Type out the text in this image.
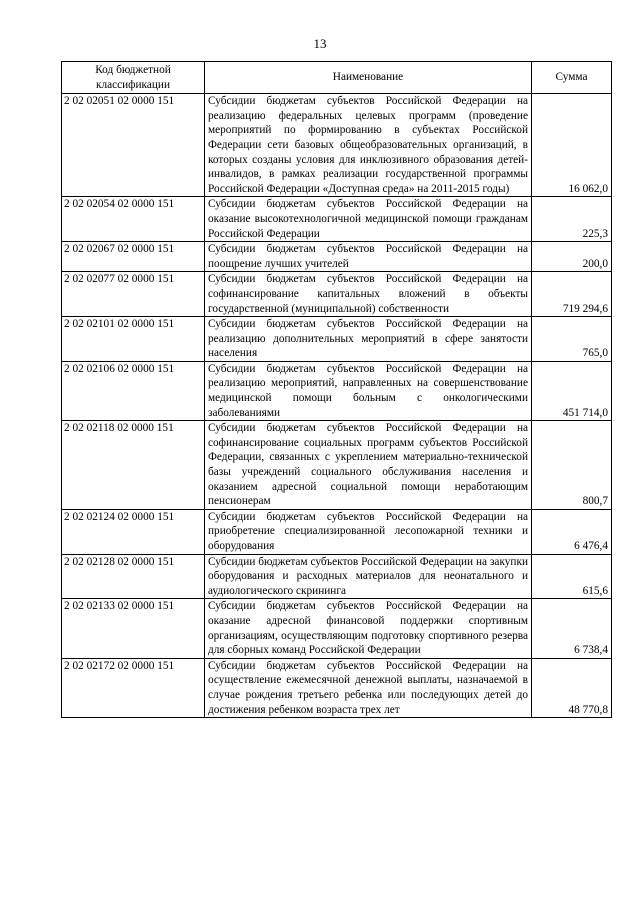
13
Код бюджетной классификации	Наименование	Сумма
2 02 02051 02 0000 151	Субсидии бюджетам субъектов Российской Федерации на реализацию федеральных целевых программ (проведение мероприятий по формированию в субъектах Российской Федерации сети базовых общеобразовательных организаций, в которых созданы условия для инклюзивного образования детей-инвалидов, в рамках реализации государственной программы Российской Федерации «Доступная среда» на 2011-2015 годы)	16 062,0
2 02 02054 02 0000 151	Субсидии бюджетам субъектов Российской Федерации на оказание высокотехнологичной медицинской помощи гражданам Российской Федерации	225,3
2 02 02067 02 0000 151	Субсидии бюджетам субъектов Российской Федерации на поощрение лучших учителей	200,0
2 02 02077 02 0000 151	Субсидии бюджетам субъектов Российской Федерации на софинансирование капитальных вложений в объекты государственной (муниципальной) собственности	719 294,6
2 02 02101 02 0000 151	Субсидии бюджетам субъектов Российской Федерации на реализацию дополнительных мероприятий в сфере занятости населения	765,0
2 02 02106 02 0000 151	Субсидии бюджетам субъектов Российской Федерации на реализацию мероприятий, направленных на совершенствование медицинской помощи больным с онкологическими заболеваниями	451 714,0
2 02 02118 02 0000 151	Субсидии бюджетам субъектов Российской Федерации на софинансирование социальных программ субъектов Российской Федерации, связанных с укреплением материально-технической базы учреждений социального обслуживания населения и оказанием адресной социальной помощи неработающим пенсионерам	800,7
2 02 02124 02 0000 151	Субсидии бюджетам субъектов Российской Федерации на приобретение специализированной лесопожарной техники и оборудования	6 476,4
2 02 02128 02 0000 151	Субсидии бюджетам субъектов Российской Федерации на закупки оборудования и расходных материалов для неонатального и аудиологического скрининга	615,6
2 02 02133 02 0000 151	Субсидии бюджетам субъектов Российской Федерации на оказание адресной финансовой поддержки спортивным организациям, осуществляющим подготовку спортивного резерва для сборных команд Российской Федерации	6 738,4
2 02 02172 02 0000 151	Субсидии бюджетам субъектов Российской Федерации на осуществление ежемесячной денежной выплаты, назначаемой в случае рождения третьего ребенка или последующих детей до достижения ребенком возраста трех лет	48 770,8
